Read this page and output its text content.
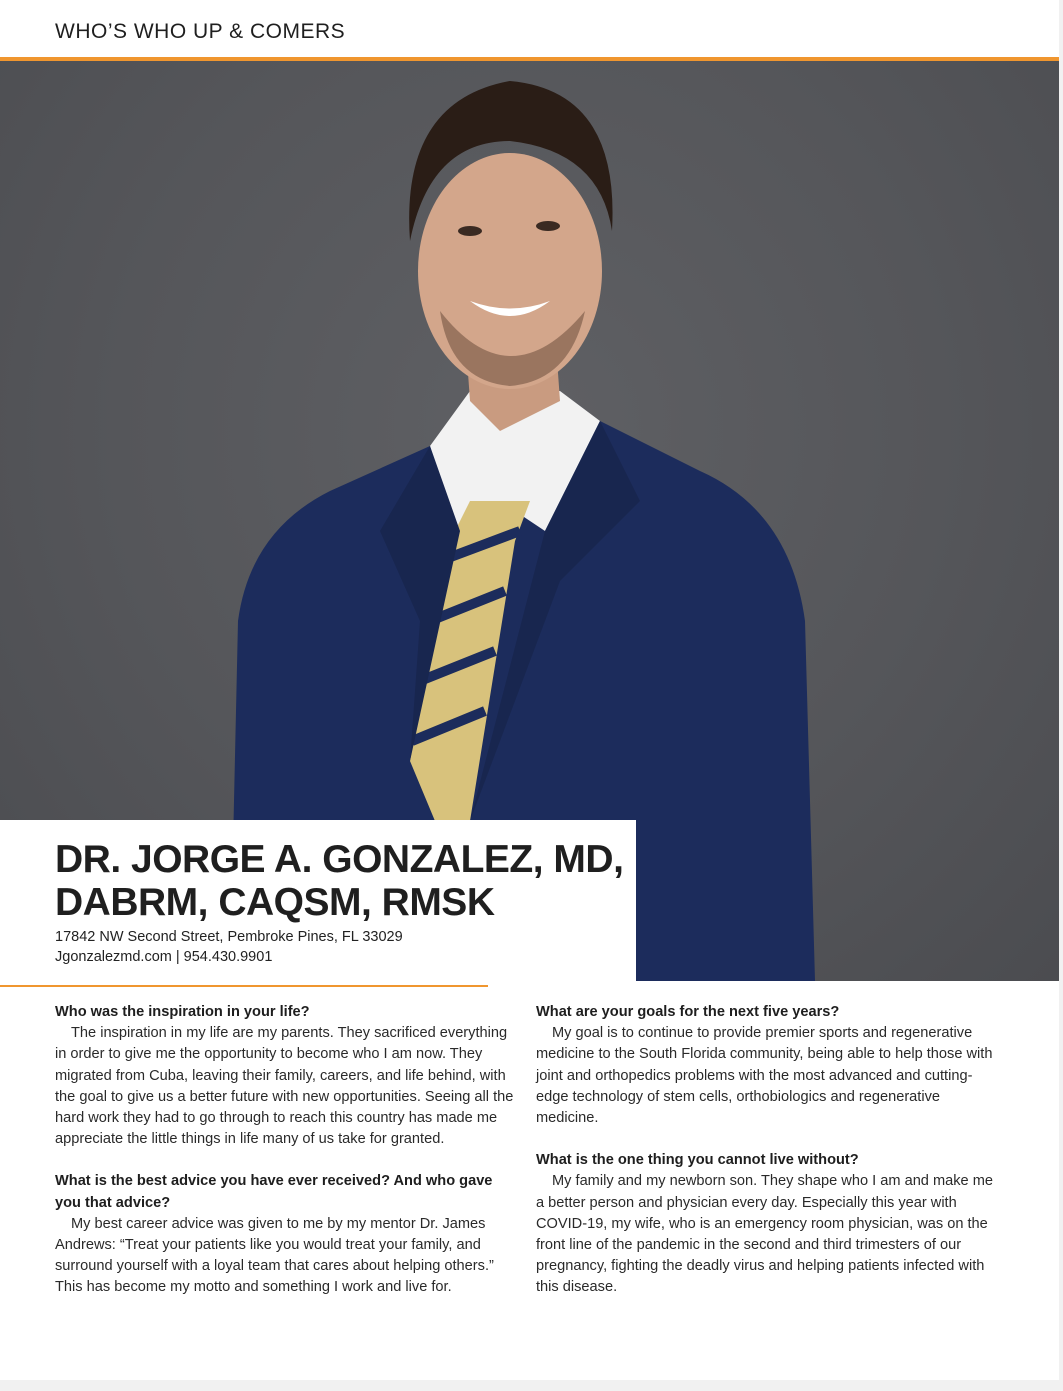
WHO’S WHO UP & COMERS
DR. JORGE A. GONZALEZ, MD,
DABRM, CAQSM, RMSK
17842 NW Second Street, Pembroke Pines, FL 33029
Jgonzalezmd.com | 954.430.9901

Who was the inspiration in your life?

The inspiration in my life are my parents. They sacrificed everything in order to give me the opportunity to become who I am now. They migrated from Cuba, leaving their family, careers, and life behind, with the goal to give us a better future with new opportunities. Seeing all the hard work they had to go through to reach this country has made me appreciate the little things in life many of us take for granted.

What is the best advice you have ever received? And who gave you that advice?

My best career advice was given to me by my mentor Dr. James Andrews: “Treat your patients like you would treat your family, and surround yourself with a loyal team that cares about helping others.” This has become my motto and something I work and live for.

What are your goals for the next five years?

My goal is to continue to provide premier sports and regenerative medicine to the South Florida community, being able to help those with joint and orthopedics problems with the most advanced and cutting-edge technology of stem cells, orthobiologics and regenerative medicine.

What is the one thing you cannot live without?

My family and my newborn son. They shape who I am and make me a better person and physician every day. Especially this year with COVID-19, my wife, who is an emergency room physician, was on the front line of the pandemic in the second and third trimesters of our pregnancy, fighting the deadly virus and helping patients infected with this disease.
